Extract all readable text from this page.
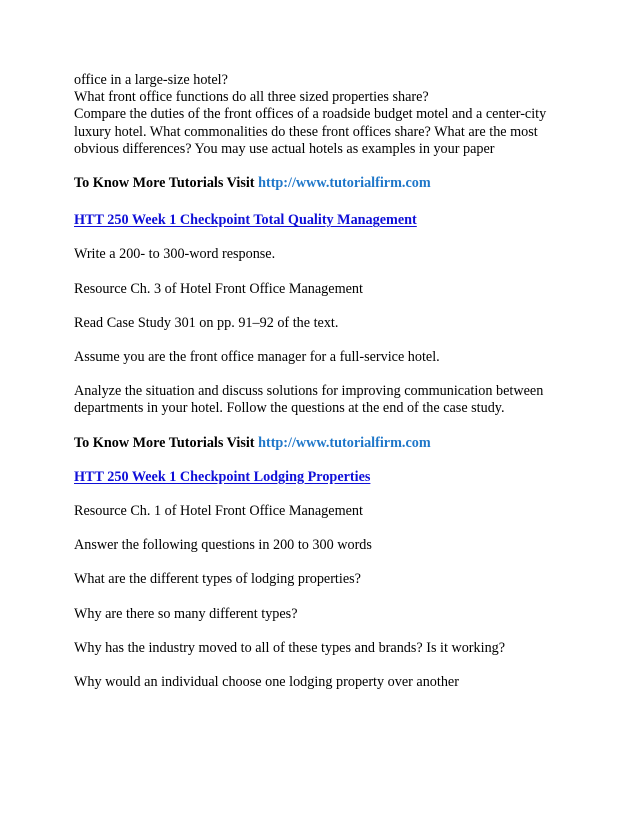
office in a large-size hotel?
What front office functions do all three sized properties share?
Compare the duties of the front offices of a roadside budget motel and a center-city
luxury hotel. What commonalities do these front offices share? What are the most
obvious differences? You may use actual hotels as examples in your paper
To Know More Tutorials Visit http://www.tutorialfirm.com
HTT 250 Week 1 Checkpoint Total Quality Management
Write a 200- to 300-word response.
Resource Ch. 3 of Hotel Front Office Management
Read Case Study 301 on pp. 91–92 of the text.
Assume you are the front office manager for a full-service hotel.
Analyze the situation and discuss solutions for improving communication between
departments in your hotel. Follow the questions at the end of the case study.
To Know More Tutorials Visit http://www.tutorialfirm.com
HTT 250 Week 1 Checkpoint Lodging Properties
Resource Ch. 1 of Hotel Front Office Management
Answer the following questions in 200 to 300 words
What are the different types of lodging properties?
Why are there so many different types?
Why has the industry moved to all of these types and brands? Is it working?
Why would an individual choose one lodging property over another
